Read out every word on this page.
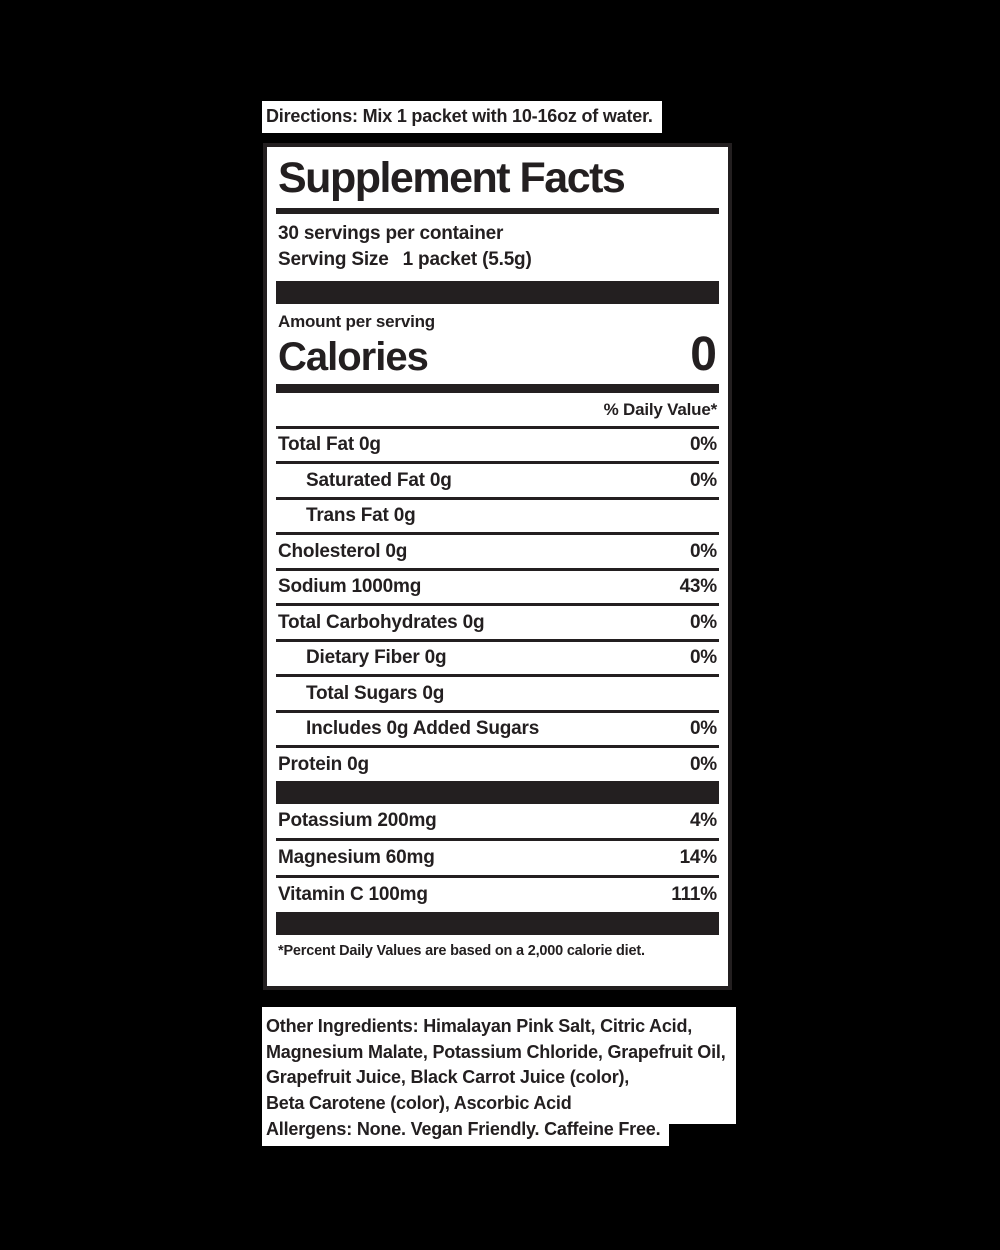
Directions: Mix 1 packet with 10-16oz of water.
Supplement Facts
30 servings per container
Serving Size 1 packet (5.5g)
Amount per serving
Calories	0
% Daily Value*
Total Fat 0g	0%
Saturated Fat 0g	0%
Trans Fat 0g
Cholesterol 0g	0%
Sodium 1000mg	43%
Total Carbohydrates 0g	0%
Dietary Fiber 0g	0%
Total Sugars 0g
Includes 0g Added Sugars	0%
Protein 0g	0%
Potassium 200mg	4%
Magnesium 60mg	14%
Vitamin C 100mg	111%
*Percent Daily Values are based on a 2,000 calorie diet.
Other Ingredients: Himalayan Pink Salt, Citric Acid,
Magnesium Malate, Potassium Chloride, Grapefruit Oil,
Grapefruit Juice, Black Carrot Juice (color),
Beta Carotene (color), Ascorbic Acid
Allergens: None. Vegan Friendly. Caffeine Free.
